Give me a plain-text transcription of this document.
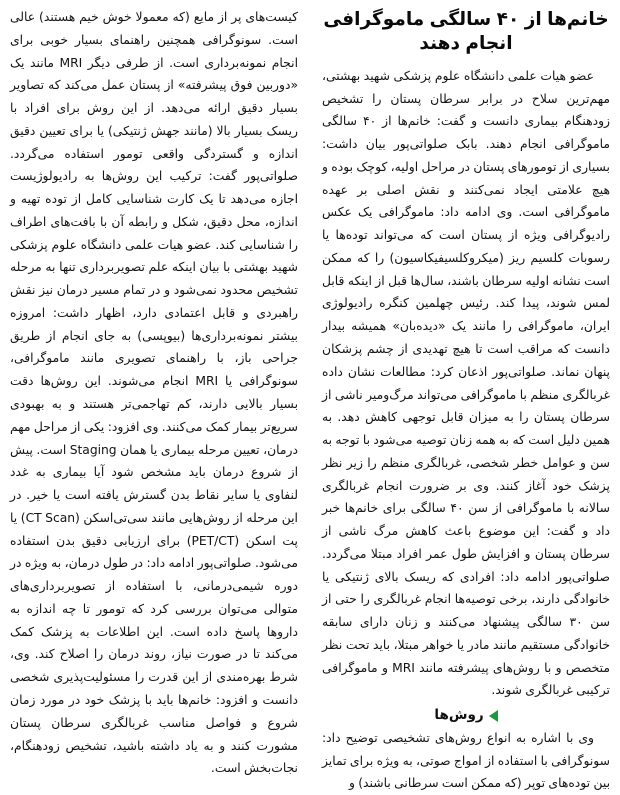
خانم‌ها از ۴۰ سالگی ماموگرافی انجام دهند

عضو هیات علمی دانشگاه علوم پزشکی شهید بهشتی، مهم‌ترین سلاح در برابر سرطان پستان را تشخیص زودهنگام بیماری دانست و گفت: خانم‌ها از ۴۰ سالگی ماموگرافی انجام دهند. بابک صلواتی‌پور بیان داشت: بسیاری از تومورهای پستان در مراحل اولیه، کوچک بوده و هیچ علامتی ایجاد نمی‌کنند و نقش اصلی بر عهده ماموگرافی است. وی ادامه داد: ماموگرافی یک عکس رادیوگرافی ویژه از پستان است که می‌تواند توده‌ها یا رسوبات کلسیم ریز (میکروکلسیفیکاسیون) را که ممکن است نشانه اولیه سرطان باشند، سال‌ها قبل از اینکه قابل لمس شوند، پیدا کند. رئیس چهلمین کنگره رادیولوژی ایران، ماموگرافی را مانند یک «دیده‌بان» همیشه بیدار دانست که مراقب است تا هیچ تهدیدی از چشم پزشکان پنهان نماند. صلواتی‌پور اذعان کرد: مطالعات نشان داده غربالگری منظم با ماموگرافی می‌تواند مرگ‌ومیر ناشی از سرطان پستان را به میزان قابل توجهی کاهش دهد. به همین دلیل است که به همه زنان توصیه می‌شود با توجه به سن و عوامل خطر شخصی، غربالگری منظم را زیر نظر پزشک خود آغاز کنند. وی بر ضرورت انجام غربالگری سالانه با ماموگرافی از سن ۴۰ سالگی برای خانم‌ها خبر داد و گفت: این موضوع باعث کاهش مرگ ناشی از سرطان پستان و افزایش طول عمر افراد مبتلا می‌گردد. صلواتی‌پور ادامه داد: افرادی که ریسک بالای ژنتیکی یا خانوادگی دارند، برخی توصیه‌ها انجام غربالگری را حتی از سن ۳۰ سالگی پیشنهاد می‌کنند و زنان دارای سابقه خانوادگی مستقیم مانند مادر یا خواهر مبتلا، باید تحت نظر متخصص و با روش‌های پیشرفته مانند MRI و ماموگرافی ترکیبی غربالگری شوند.

روش‌ها

وی با اشاره به انواع روش‌های تشخیصی توضیح داد: سونوگرافی با استفاده از امواج صوتی، به ویژه برای تمایز بین توده‌های توپر (که ممکن است سرطانی باشند) و

کیست‌های پر از مایع (که معمولا خوش خیم هستند) عالی است. سونوگرافی همچنین راهنمای بسیار خوبی برای انجام نمونه‌برداری است. از طرفی دیگر MRI مانند یک «دوربین فوق پیشرفته» از پستان عمل می‌کند که تصاویر بسیار دقیق ارائه می‌دهد. از این روش برای افراد با ریسک بسیار بالا (مانند جهش ژنتیکی) یا برای تعیین دقیق اندازه و گستردگی واقعی تومور استفاده می‌گردد. صلواتی‌پور گفت: ترکیب این روش‌ها به رادیولوژیست اجازه می‌دهد تا یک کارت شناسایی کامل از توده تهیه و اندازه، محل دقیق، شکل و رابطه آن با بافت‌های اطراف را شناسایی کند. عضو هیات علمی دانشگاه علوم پزشکی شهید بهشتی با بیان اینکه علم تصویربرداری تنها به مرحله تشخیص محدود نمی‌شود و در تمام مسیر درمان نیز نقش راهبردی و قابل اعتمادی دارد، اظهار داشت: امروزه بیشتر نمونه‌برداری‌ها (بیوپسی) به جای انجام از طریق جراحی باز، با راهنمای تصویری مانند ماموگرافی، سونوگرافی یا MRI انجام می‌شوند. این روش‌ها دقت بسیار بالایی دارند، کم تهاجمی‌تر هستند و به بهبودی سریع‌تر بیمار کمک می‌کنند. وی افزود: یکی از مراحل مهم درمان، تعیین مرحله بیماری یا همان Staging است. پیش از شروع درمان باید مشخص شود آیا بیماری به غدد لنفاوی یا سایر نقاط بدن گسترش یافته است یا خیر. در این مرحله از روش‌هایی مانند سی‌تی‌اسکن (CT Scan) یا پت اسکن (PET/CT) برای ارزیابی دقیق بدن استفاده می‌شود. صلواتی‌پور ادامه داد: در طول درمان، به ویژه در دوره شیمی‌درمانی، با استفاده از تصویربرداری‌های متوالی می‌توان بررسی کرد که تومور تا چه اندازه به داروها پاسخ داده است. این اطلاعات به پزشک کمک می‌کند تا در صورت نیاز، روند درمان را اصلاح کند. وی، شرط بهره‌مندی از این قدرت را مسئولیت‌پذیری شخصی دانست و افزود: خانم‌ها باید با پزشک خود در مورد زمان شروع و فواصل مناسب غربالگری سرطان پستان مشورت کنند و به یاد داشته باشید، تشخیص زودهنگام، نجات‌بخش است.
